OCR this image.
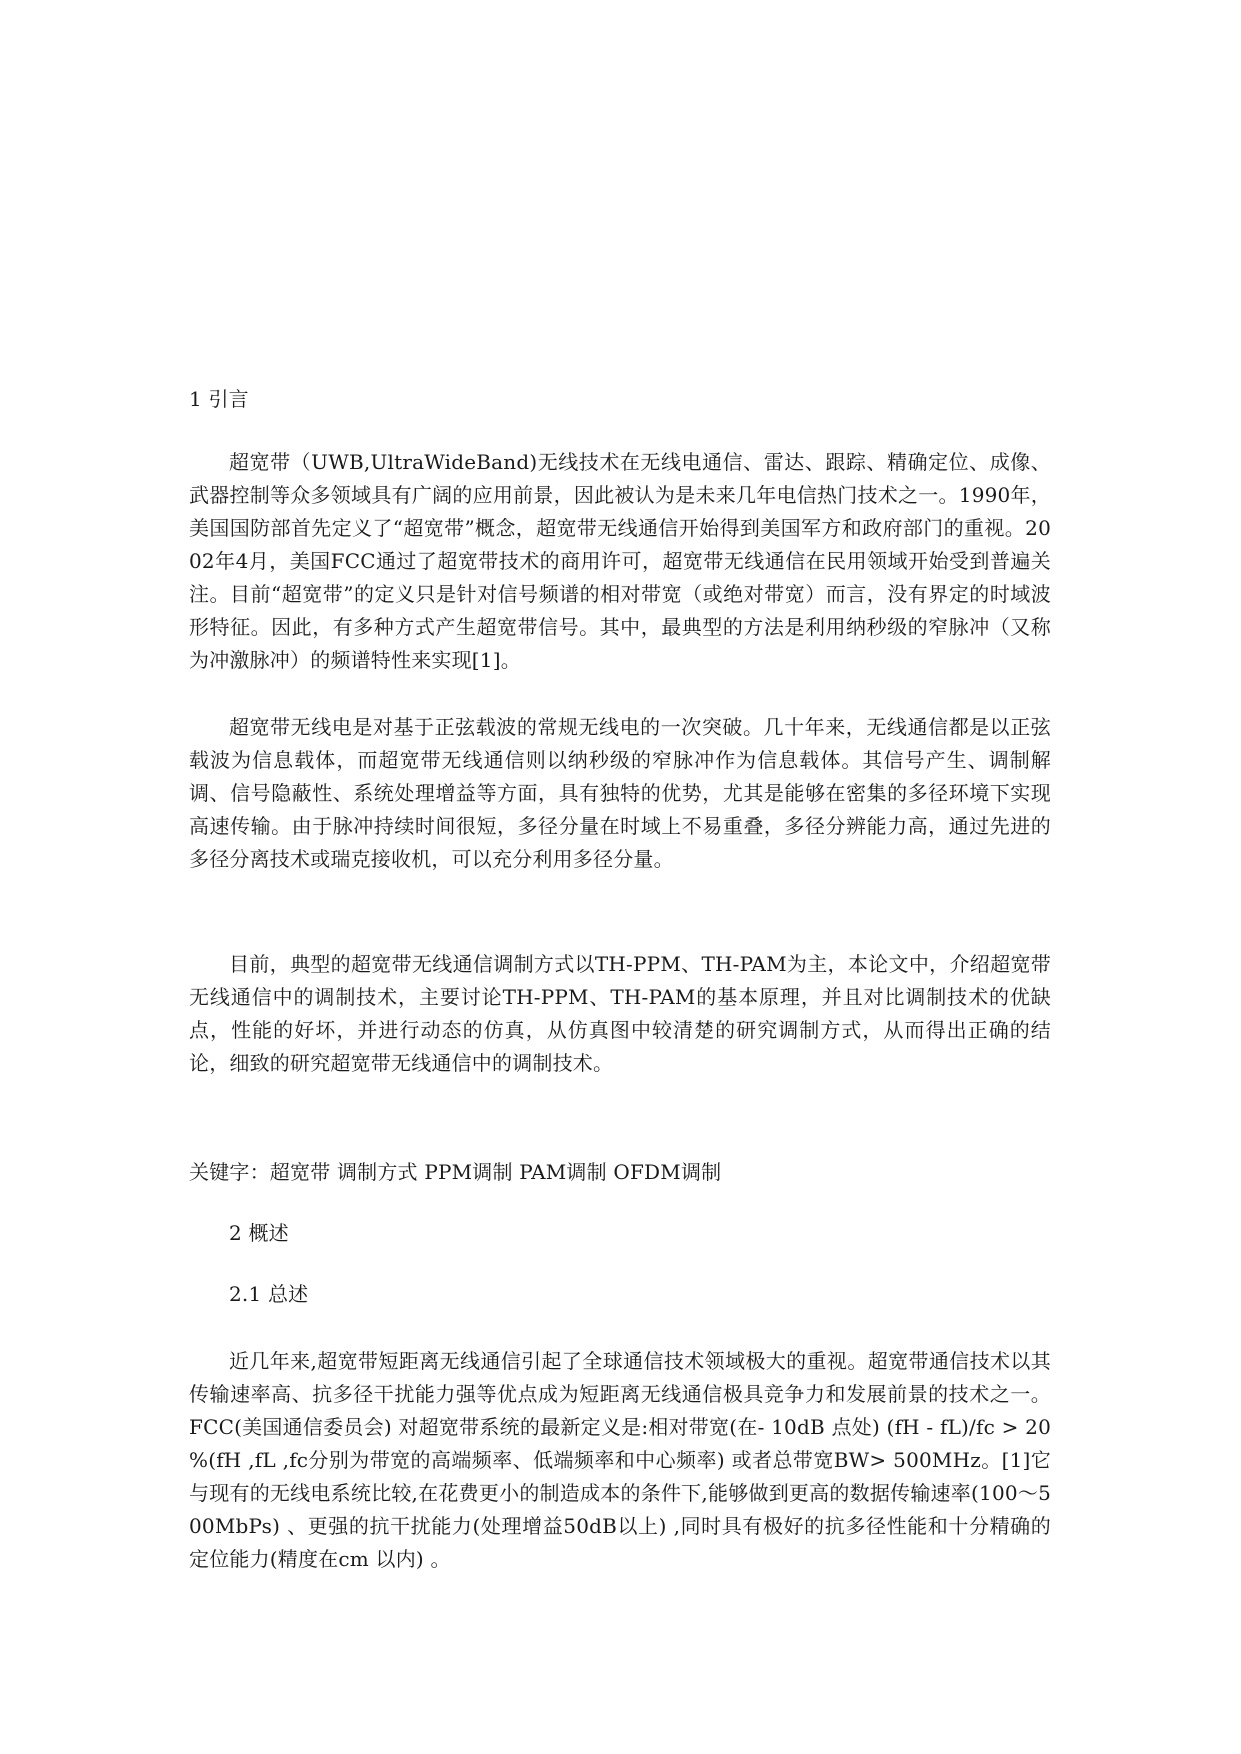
1 引言

超宽带（UWB,UltraWideBand)无线技术在无线电通信、雷达、跟踪、精确定位、成像、武器控制等众多领域具有广阔的应用前景，因此被认为是未来几年电信热门技术之一。1990年，美国国防部首先定义了“超宽带”概念，超宽带无线通信开始得到美国军方和政府部门的重视。2002年4月，美国FCC通过了超宽带技术的商用许可，超宽带无线通信在民用领域开始受到普遍关注。目前“超宽带”的定义只是针对信号频谱的相对带宽（或绝对带宽）而言，没有界定的时域波形特征。因此，有多种方式产生超宽带信号。其中，最典型的方法是利用纳秒级的窄脉冲（又称为冲激脉冲）的频谱特性来实现[1]。

超宽带无线电是对基于正弦载波的常规无线电的一次突破。几十年来，无线通信都是以正弦载波为信息载体，而超宽带无线通信则以纳秒级的窄脉冲作为信息载体。其信号产生、调制解调、信号隐蔽性、系统处理增益等方面，具有独特的优势，尤其是能够在密集的多径环境下实现高速传输。由于脉冲持续时间很短，多径分量在时域上不易重叠，多径分辨能力高，通过先进的多径分离技术或瑞克接收机，可以充分利用多径分量。

目前，典型的超宽带无线通信调制方式以TH-PPM、TH-PAM为主，本论文中，介绍超宽带无线通信中的调制技术，主要讨论TH-PPM、TH-PAM的基本原理，并且对比调制技术的优缺点，性能的好坏，并进行动态的仿真，从仿真图中较清楚的研究调制方式，从而得出正确的结论，细致的研究超宽带无线通信中的调制技术。

关键字：超宽带 调制方式 PPM调制 PAM调制 OFDM调制

2 概述

2.1 总述

近几年来,超宽带短距离无线通信引起了全球通信技术领域极大的重视。超宽带通信技术以其传输速率高、抗多径干扰能力强等优点成为短距离无线通信极具竞争力和发展前景的技术之一。FCC(美国通信委员会) 对超宽带系统的最新定义是:相对带宽(在- 10dB 点处) (fH - fL)/fc > 20 %(fH ,fL ,fc分别为带宽的高端频率、低端频率和中心频率) 或者总带宽BW> 500MHz。[1]它与现有的无线电系统比较,在花费更小的制造成本的条件下,能够做到更高的数据传输速率(100～500MbPs) 、更强的抗干扰能力(处理增益50dB以上) ,同时具有极好的抗多径性能和十分精确的定位能力(精度在cm 以内) 。
